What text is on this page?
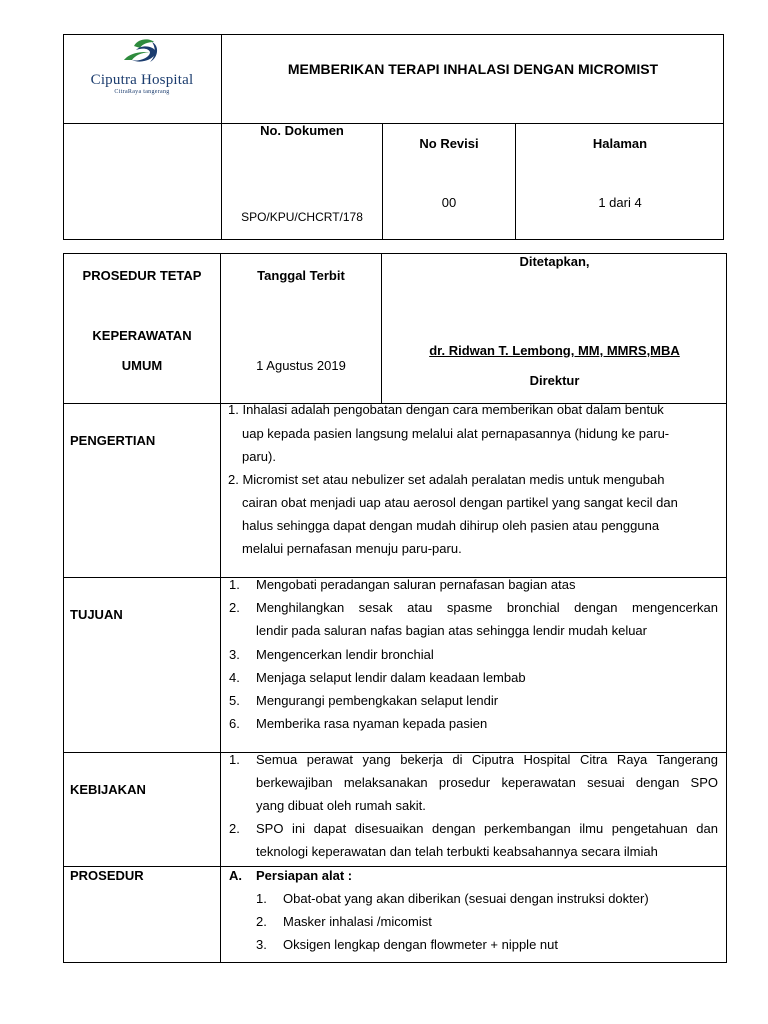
Ciputra Hospital
CitraRaya tangerang
MEMBERIKAN TERAPI INHALASI DENGAN MICROMIST
No. Dokumen
SPO/KPU/CHCRT/178
No Revisi
00
Halaman
1 dari 4
PROSEDUR TETAP
KEPERAWATAN
UMUM
Tanggal Terbit
1 Agustus 2019
Ditetapkan,
dr. Ridwan T. Lembong, MM, MMRS,MBA
Direktur
PENGERTIAN
1. Inhalasi adalah pengobatan dengan cara memberikan obat dalam bentuk
uap kepada pasien langsung melalui alat pernapasannya (hidung ke paru-
paru).
2. Micromist set atau nebulizer set adalah peralatan medis untuk mengubah
cairan obat menjadi uap atau aerosol dengan partikel yang sangat kecil dan
halus sehingga dapat dengan mudah dihirup oleh pasien atau pengguna
melalui pernafasan menuju paru-paru.
TUJUAN
1. Mengobati peradangan saluran pernafasan bagian atas
2. Menghilangkan sesak atau spasme bronchial dengan mengencerkan
lendir pada saluran nafas bagian atas sehingga lendir mudah keluar
3. Mengencerkan lendir bronchial
4. Menjaga selaput lendir dalam keadaan lembab
5. Mengurangi pembengkakan selaput lendir
6. Memberika rasa nyaman kepada pasien
KEBIJAKAN
1. Semua perawat yang bekerja di Ciputra Hospital Citra Raya Tangerang
berkewajiban melaksanakan prosedur keperawatan sesuai dengan SPO
yang dibuat oleh rumah sakit.
2. SPO ini dapat disesuaikan dengan perkembangan ilmu pengetahuan dan
teknologi keperawatan dan telah terbukti keabsahannya secara ilmiah
PROSEDUR	A. Persiapan alat :
1. Obat-obat yang akan diberikan (sesuai dengan instruksi dokter)
2. Masker inhalasi /micomist
3. Oksigen lengkap dengan flowmeter + nipple nut
